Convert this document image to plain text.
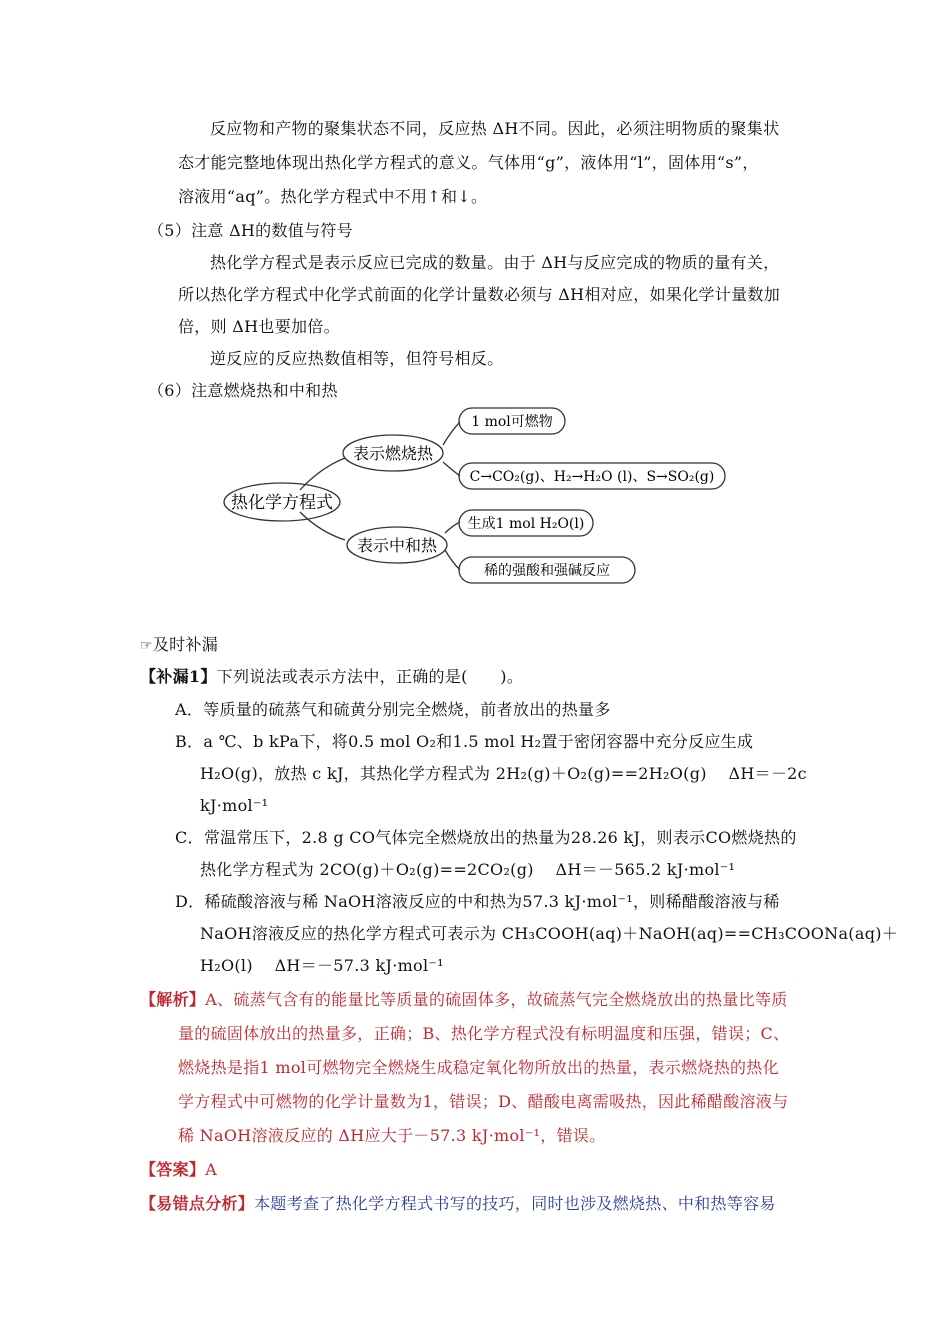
反应物和产物的聚集状态不同，反应热 ΔH不同。因此，必须注明物质的聚集状
态才能完整地体现出热化学方程式的意义。气体用“g”，液体用“l”，固体用“s”，
溶液用“aq”。热化学方程式中不用↑和↓。
（5）注意 ΔH的数值与符号
热化学方程式是表示反应已完成的数量。由于 ΔH与反应完成的物质的量有关，
所以热化学方程式中化学式前面的化学计量数必须与 ΔH相对应，如果化学计量数加
倍，则 ΔH也要加倍。
逆反应的反应热数值相等，但符号相反。
（6）注意燃烧热和中和热
热化学方程式
表示燃烧热
表示中和热
1 mol可燃物
C→CO₂(g)、H₂→H₂O (l)、S→SO₂(g)
生成1 mol H₂O(l)
稀的强酸和强碱反应
☞及时补漏
【补漏1】下列说法或表示方法中，正确的是(　　)。
A．等质量的硫蒸气和硫黄分别完全燃烧，前者放出的热量多
B．a ℃、b kPa下，将0.5 mol O₂和1.5 mol H₂置于密闭容器中充分反应生成
H₂O(g)，放热 c kJ，其热化学方程式为 2H₂(g)＋O₂(g)==2H₂O(g)　 ΔH＝－2c
kJ·mol⁻¹
C．常温常压下，2.8 g CO气体完全燃烧放出的热量为28.26 kJ，则表示CO燃烧热的
热化学方程式为 2CO(g)＋O₂(g)==2CO₂(g)　 ΔH＝－565.2 kJ·mol⁻¹
D．稀硫酸溶液与稀 NaOH溶液反应的中和热为57.3 kJ·mol⁻¹，则稀醋酸溶液与稀
NaOH溶液反应的热化学方程式可表示为 CH₃COOH(aq)＋NaOH(aq)==CH₃COONa(aq)＋
H₂O(l)　 ΔH＝－57.3 kJ·mol⁻¹
【解析】A、硫蒸气含有的能量比等质量的硫固体多，故硫蒸气完全燃烧放出的热量比等质
量的硫固体放出的热量多，正确；B、热化学方程式没有标明温度和压强，错误；C、
燃烧热是指1 mol可燃物完全燃烧生成稳定氧化物所放出的热量，表示燃烧热的热化
学方程式中可燃物的化学计量数为1，错误；D、醋酸电离需吸热，因此稀醋酸溶液与
稀 NaOH溶液反应的 ΔH应大于－57.3 kJ·mol⁻¹，错误。
【答案】A
【易错点分析】本题考查了热化学方程式书写的技巧，同时也涉及燃烧热、中和热等容易
